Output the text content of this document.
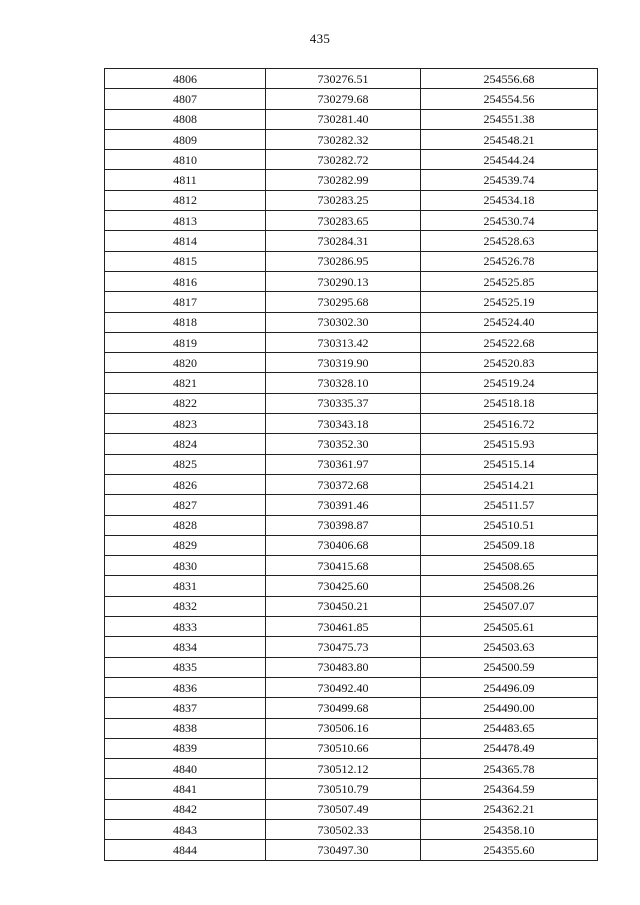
435
4806	730276.51	254556.68
4807	730279.68	254554.56
4808	730281.40	254551.38
4809	730282.32	254548.21
4810	730282.72	254544.24
4811	730282.99	254539.74
4812	730283.25	254534.18
4813	730283.65	254530.74
4814	730284.31	254528.63
4815	730286.95	254526.78
4816	730290.13	254525.85
4817	730295.68	254525.19
4818	730302.30	254524.40
4819	730313.42	254522.68
4820	730319.90	254520.83
4821	730328.10	254519.24
4822	730335.37	254518.18
4823	730343.18	254516.72
4824	730352.30	254515.93
4825	730361.97	254515.14
4826	730372.68	254514.21
4827	730391.46	254511.57
4828	730398.87	254510.51
4829	730406.68	254509.18
4830	730415.68	254508.65
4831	730425.60	254508.26
4832	730450.21	254507.07
4833	730461.85	254505.61
4834	730475.73	254503.63
4835	730483.80	254500.59
4836	730492.40	254496.09
4837	730499.68	254490.00
4838	730506.16	254483.65
4839	730510.66	254478.49
4840	730512.12	254365.78
4841	730510.79	254364.59
4842	730507.49	254362.21
4843	730502.33	254358.10
4844	730497.30	254355.60
